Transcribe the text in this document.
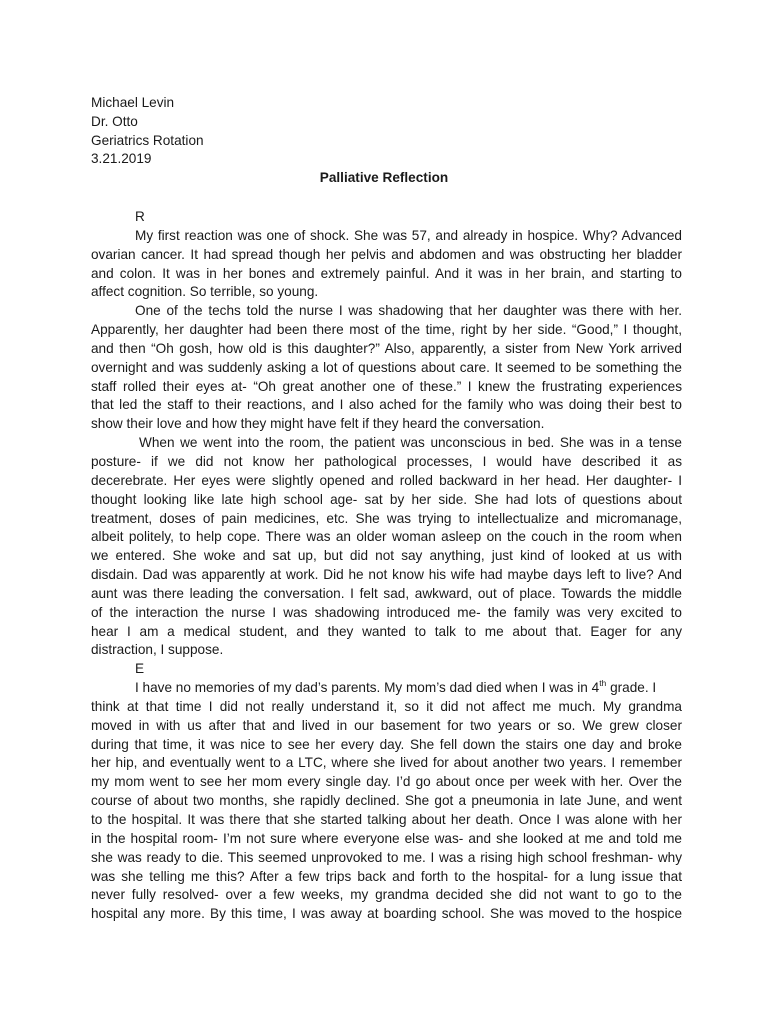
Michael Levin
Dr. Otto
Geriatrics Rotation
3.21.2019
Palliative Reflection
R
My first reaction was one of shock. She was 57, and already in hospice. Why? Advanced
ovarian cancer. It had spread though her pelvis and abdomen and was obstructing her bladder
and colon. It was in her bones and extremely painful. And it was in her brain, and starting to
affect cognition. So terrible, so young.
One of the techs told the nurse I was shadowing that her daughter was there with her.
Apparently, her daughter had been there most of the time, right by her side. “Good,” I thought,
and then “Oh gosh, how old is this daughter?” Also, apparently, a sister from New York arrived
overnight and was suddenly asking a lot of questions about care. It seemed to be something the
staff rolled their eyes at- “Oh great another one of these.” I knew the frustrating experiences
that led the staff to their reactions, and I also ached for the family who was doing their best to
show their love and how they might have felt if they heard the conversation.
When we went into the room, the patient was unconscious in bed. She was in a tense
posture- if we did not know her pathological processes, I would have described it as
decerebrate. Her eyes were slightly opened and rolled backward in her head. Her daughter- I
thought looking like late high school age- sat by her side. She had lots of questions about
treatment, doses of pain medicines, etc. She was trying to intellectualize and micromanage,
albeit politely, to help cope. There was an older woman asleep on the couch in the room when
we entered. She woke and sat up, but did not say anything, just kind of looked at us with
disdain. Dad was apparently at work. Did he not know his wife had maybe days left to live? And
aunt was there leading the conversation. I felt sad, awkward, out of place. Towards the middle
of the interaction the nurse I was shadowing introduced me- the family was very excited to
hear I am a medical student, and they wanted to talk to me about that. Eager for any
distraction, I suppose.
E
I have no memories of my dad’s parents. My mom’s dad died when I was in 4th grade. I
think at that time I did not really understand it, so it did not affect me much. My grandma
moved in with us after that and lived in our basement for two years or so. We grew closer
during that time, it was nice to see her every day. She fell down the stairs one day and broke
her hip, and eventually went to a LTC, where she lived for about another two years. I remember
my mom went to see her mom every single day. I’d go about once per week with her. Over the
course of about two months, she rapidly declined. She got a pneumonia in late June, and went
to the hospital. It was there that she started talking about her death. Once I was alone with her
in the hospital room- I’m not sure where everyone else was- and she looked at me and told me
she was ready to die. This seemed unprovoked to me. I was a rising high school freshman- why
was she telling me this? After a few trips back and forth to the hospital- for a lung issue that
never fully resolved- over a few weeks, my grandma decided she did not want to go to the
hospital any more. By this time, I was away at boarding school. She was moved to the hospice
